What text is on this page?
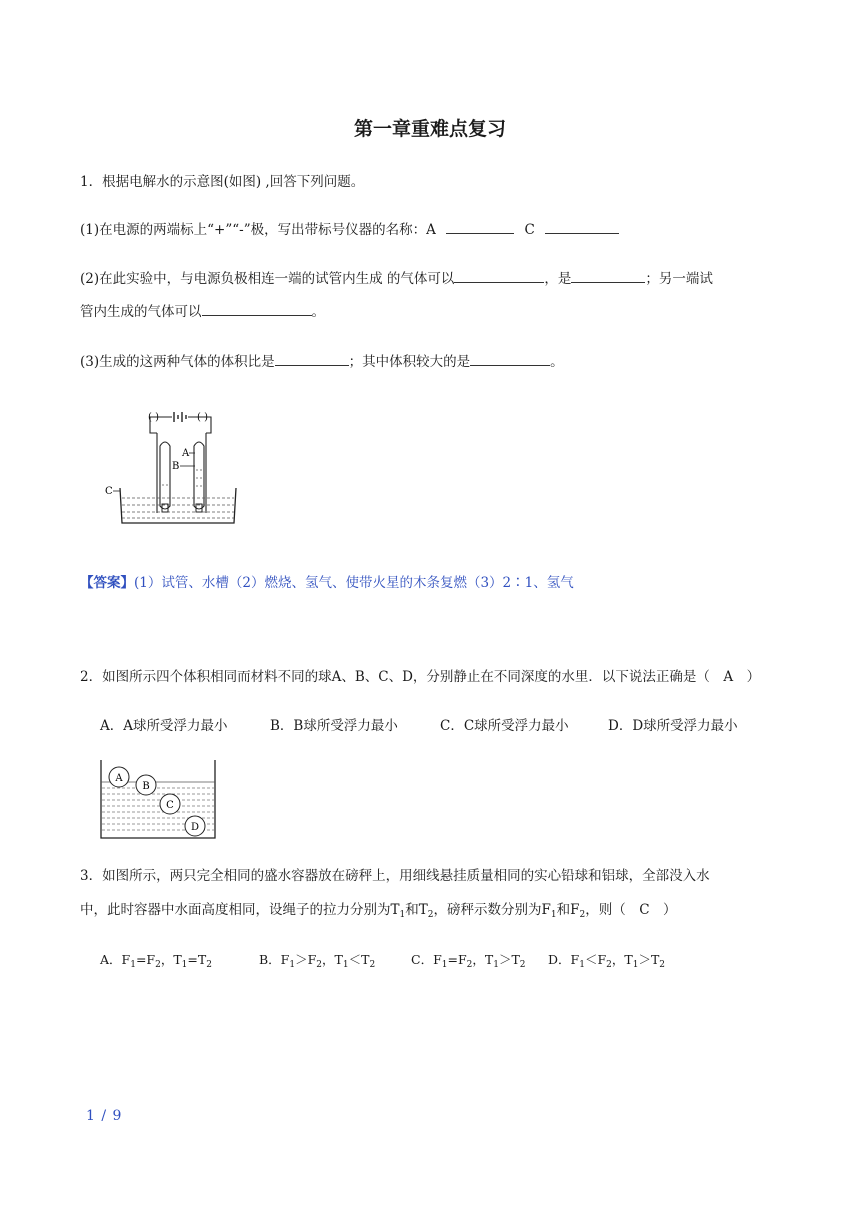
第一章重难点复习
1．根据电解水的示意图(如图) ,回答下列问题。
(1)在电源的两端标上“+”“-”极，写出带标号仪器的名称：A	C
(2)在此实验中，与电源负极相连一端的试管内生成 的气体可以	，是	；另一端试
管内生成的气体可以	。
(3)生成的这两种气体的体积比是	；其中体积较大的是	。
( )	( )
A
B
C
【答案】(1）试管、水槽（2）燃烧、氢气、使带火星的木条复燃（3）2∶1、氢气
2．如图所示四个体积相同而材料不同的球A、B、C、D，分别静止在不同深度的水里．以下说法正确是（　A　）
A．A球所受浮力最小	B．B球所受浮力最小	C．C球所受浮力最小	D．D球所受浮力最小
A
B
C
D
3．如图所示，两只完全相同的盛水容器放在磅秤上，用细线悬挂质量相同的实心铅球和铝球，全部没入水
中，此时容器中水面高度相同，设绳子的拉力分别为$T_1$和$T_2$，磅秤示数分别为$F_1$和$F_2$，则（　C　）
A．$F_1=F_2$，$T_1=T_2$	B．$F_1>F_2$，$T_1<T_2$	C．$F_1=F_2$，$T_1>T_2$ D．$F_1<F_2$，$T_1>T_2$
1 / 9
